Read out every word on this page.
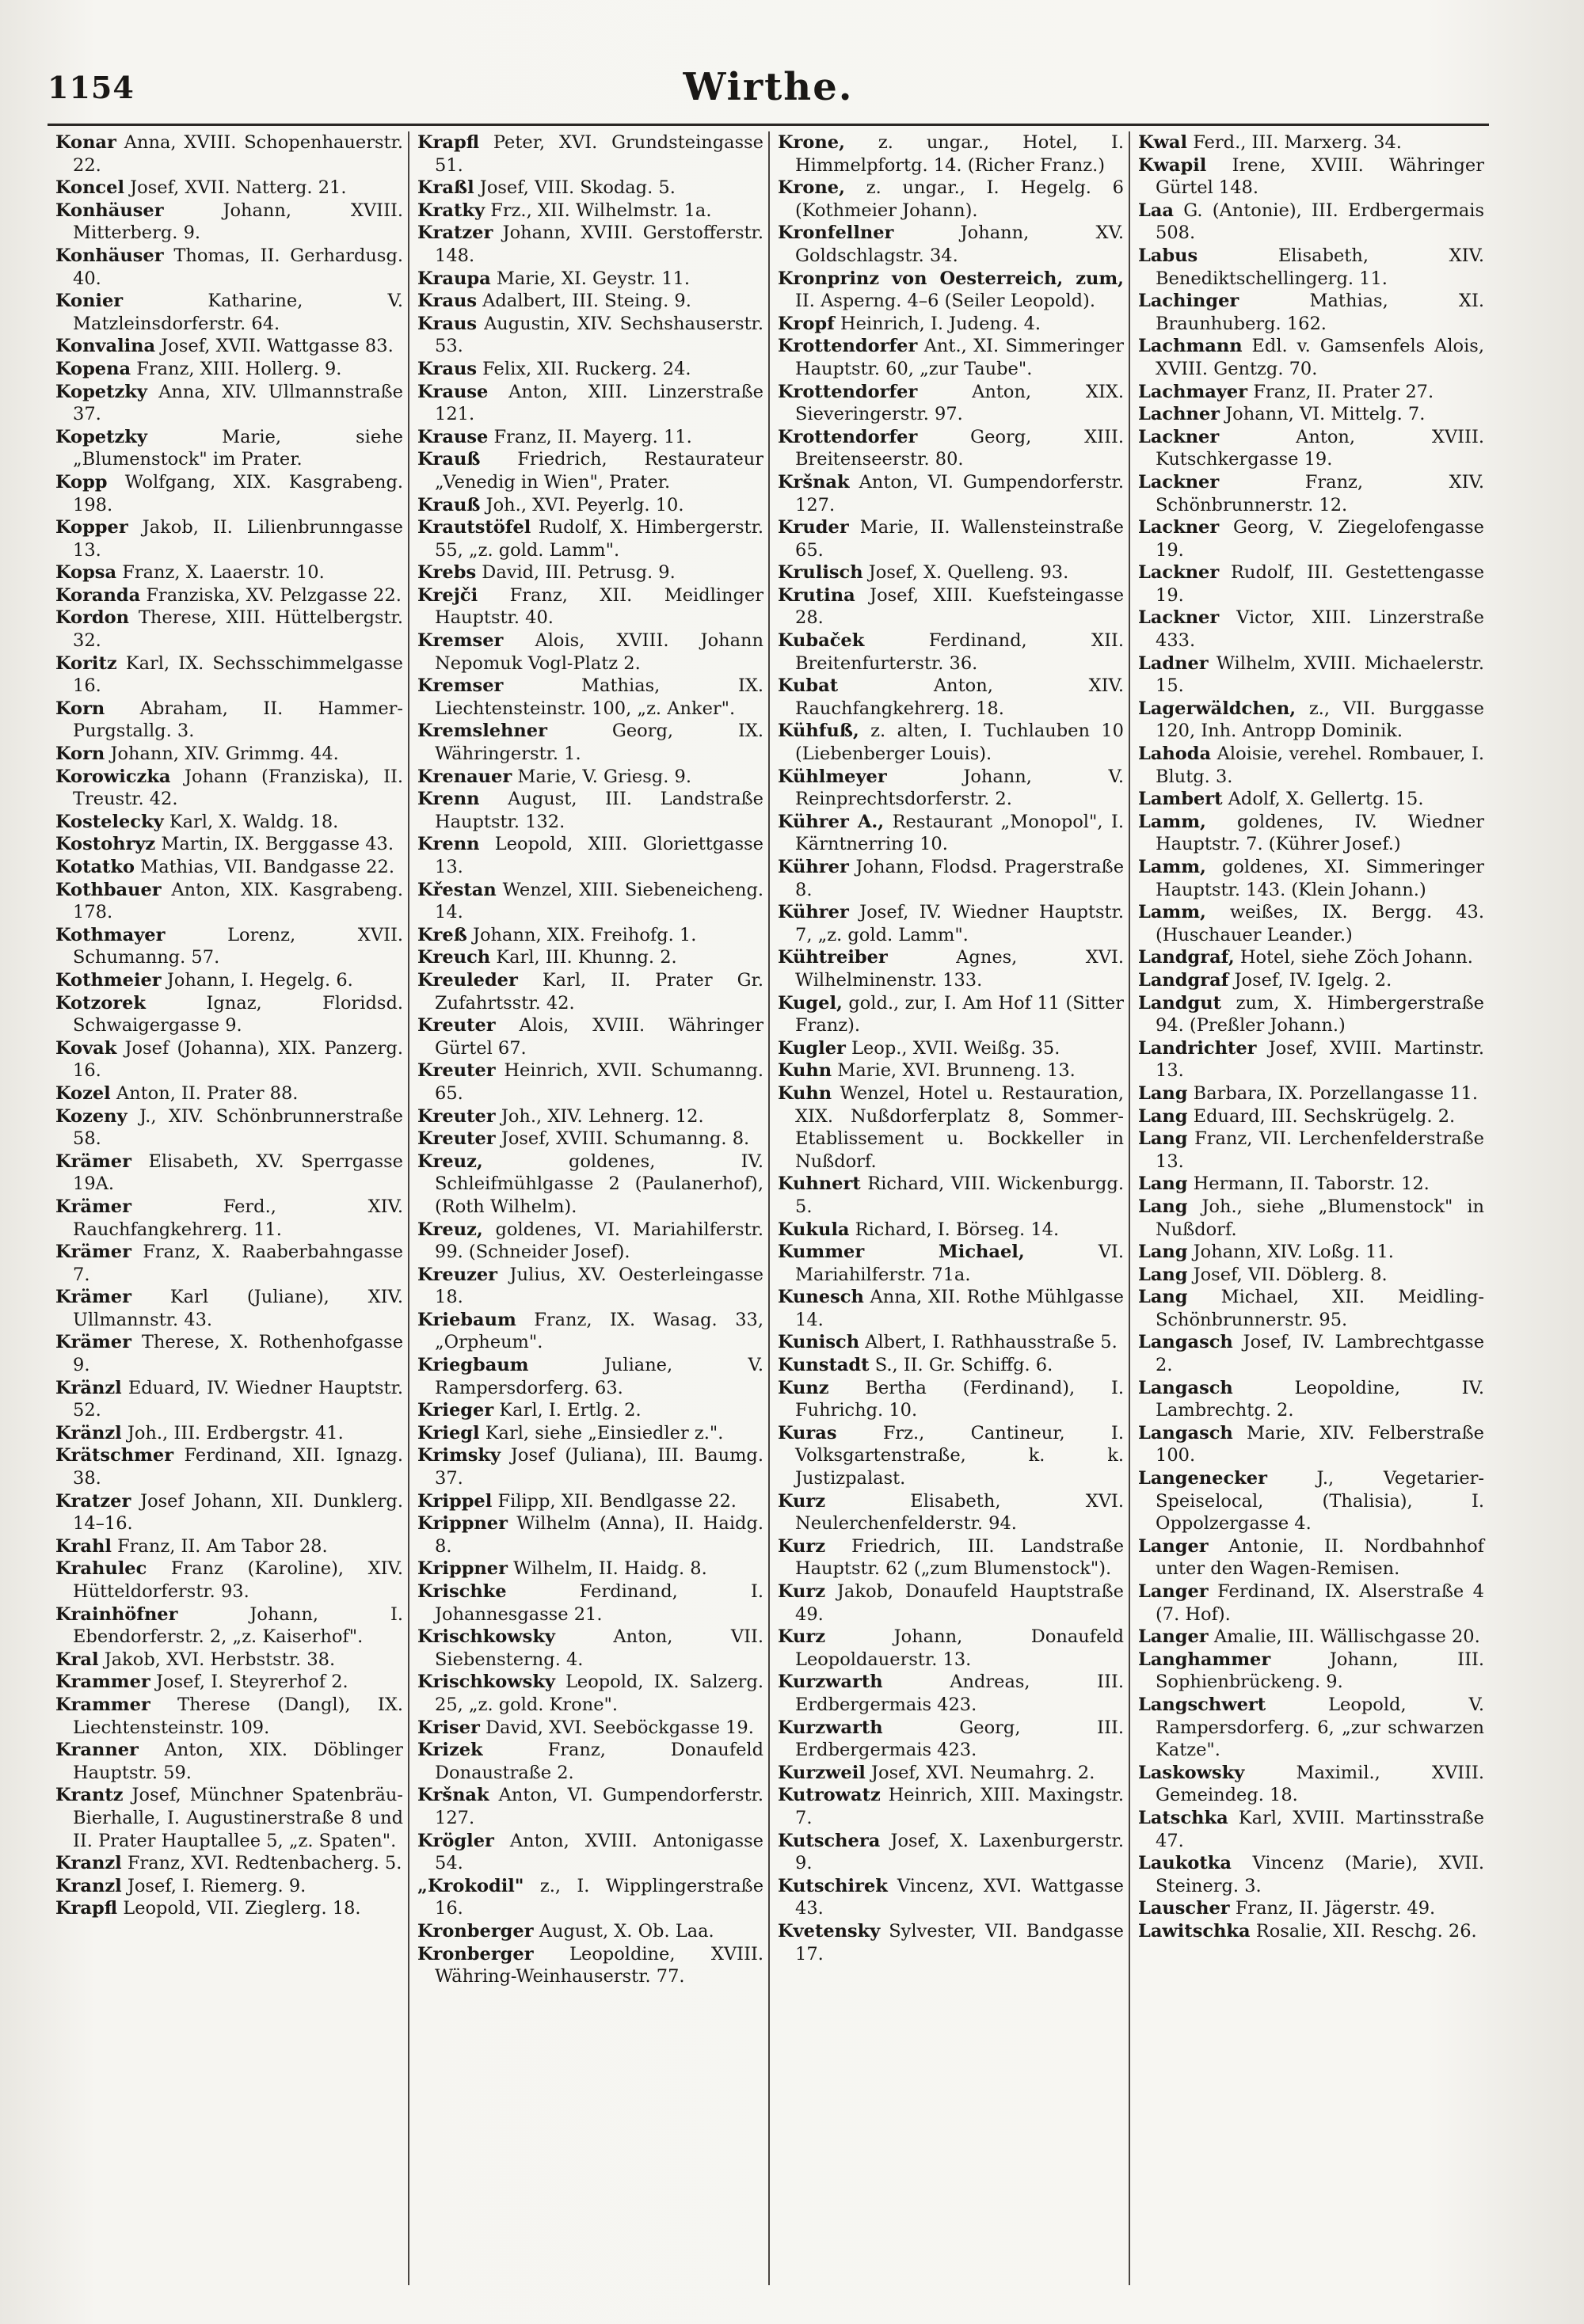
1154	Wirthe.

Konar Anna, XVIII. Schopenhauerstr. 22.

Koncel Josef, XVII. Natterg. 21.

Konhäuser	Johann, XVIII. Mitterberg. 9.

Konhäuser Thomas, II. Gerhardusg. 40.

Konier	Katharine, V. Matzleinsdorferstr. 64.

Konvalina Josef, XVII. Wattgasse 83.

Kopena Franz, XIII. Hollerg. 9.

Kopetzky Anna, XIV. Ullmannstraße 37.

Kopetzky	Marie, siehe „Blumenstock" im Prater.

Kopp Wolfgang, XIX. Kasgrabeng. 198.

Kopper Jakob, II. Lilienbrunngasse 13.

Kopsa Franz, X. Laaerstr. 10.

Koranda Franziska, XV. Pelzgasse 22.

Kordon Therese, XIII. Hüttelbergstr. 32.

Koritz Karl, IX. Sechsschimmelgasse 16.

Korn Abraham, II. Hammer-Purgstallg. 3.

Korn Johann, XIV. Grimmg. 44.

Korowiczka Johann (Franziska), II. Treustr. 42.

Kostelecky Karl, X. Waldg. 18.

Kostohryz Martin, IX. Berggasse 43.

Kotatko Mathias, VII. Bandgasse 22.

Kothbauer Anton, XIX. Kasgrabeng. 178.

Kothmayer	Lorenz, XVII. Schumanng. 57.

Kothmeier Johann, I. Hegelg. 6.

Kotzorek	Ignaz, Floridsd. Schwaigergasse 9.

Kovak Josef (Johanna), XIX. Panzerg. 16.

Kozel Anton, II. Prater 88.

Kozeny J., XIV. Schönbrunnerstraße 58.

Krämer Elisabeth, XV. Sperrgasse 19A.

Krämer	Ferd., XIV. Rauchfangkehrerg. 11.

Krämer Franz, X. Raaberbahngasse 7.

Krämer Karl (Juliane), XIV. Ullmannstr. 43.

Krämer Therese, X. Rothenhofgasse 9.

Kränzl Eduard, IV. Wiedner Hauptstr. 52.

Kränzl Joh., III. Erdbergstr. 41.

Krätschmer Ferdinand, XII. Ignazg. 38.

Kratzer Josef Johann, XII. Dunklerg. 14–16.

Krahl Franz, II. Am Tabor 28.

Krahulec Franz (Karoline), XIV. Hütteldorferstr. 93.

Krainhöfner	Johann, I. Ebendorferstr. 2, „z. Kaiserhof".

Kral Jakob, XVI. Herbststr. 38.

Krammer Josef, I. Steyrerhof 2.

Krammer Therese (Dangl), IX. Liechtensteinstr. 109.

Kranner Anton, XIX. Döblinger Hauptstr. 59.

Krantz Josef, Münchner Spatenbräu-Bierhalle, I. Augustinerstraße 8 und II. Prater Hauptallee 5, „z. Spaten".

Kranzl Franz, XVI. Redtenbacherg. 5.

Kranzl Josef, I. Riemerg. 9.

Krapfl Leopold, VII. Zieglerg. 18.

Krapfl Peter, XVI. Grundsteingasse 51.

Kraßl Josef, VIII. Skodag. 5.

Kratky Frz., XII. Wilhelmstr. 1a.

Kratzer Johann, XVIII. Gerstofferstr. 148.

Kraupa Marie, XI. Geystr. 11.

Kraus Adalbert, III. Steing. 9.

Kraus Augustin, XIV. Sechshauserstr. 53.

Kraus Felix, XII. Ruckerg. 24.

Krause Anton, XIII. Linzerstraße 121.

Krause Franz, II. Mayerg. 11.

Krauß Friedrich, Restaurateur „Venedig in Wien", Prater.

Krauß Joh., XVI. Peyerlg. 10.

Krautstöfel Rudolf, X. Himbergerstr. 55, „z. gold. Lamm".

Krebs David, III. Petrusg. 9.

Krejči Franz, XII. Meidlinger Hauptstr. 40.

Kremser Alois, XVIII. Johann Nepomuk Vogl-Platz 2.

Kremser	Mathias, IX. Liechtensteinstr. 100, „z. Anker".

Kremslehner	Georg, IX. Währingerstr. 1.

Krenauer Marie, V. Griesg. 9.

Krenn August, III. Landstraße Hauptstr. 132.

Krenn Leopold, XIII. Gloriettgasse 13.

Křestan Wenzel, XIII. Siebeneicheng. 14.

Kreß Johann, XIX. Freihofg. 1.

Kreuch Karl, III. Khunng. 2.

Kreuleder Karl, II. Prater Gr. Zufahrtsstr. 42.

Kreuter Alois, XVIII. Währinger Gürtel 67.

Kreuter Heinrich, XVII. Schumanng. 65.

Kreuter Joh., XIV. Lehnerg. 12.

Kreuter Josef, XVIII. Schumanng. 8.

Kreuz,	goldenes, IV. Schleifmühlgasse 2 (Paulanerhof), (Roth Wilhelm).

Kreuz, goldenes, VI. Mariahilferstr. 99. (Schneider Josef).

Kreuzer Julius, XV. Oesterleingasse 18.

Kriebaum Franz, IX. Wasag. 33, „Orpheum".

Kriegbaum	Juliane, V. Rampersdorferg. 63.

Krieger Karl, I. Ertlg. 2.

Kriegl Karl, siehe „Einsiedler z.".

Krimsky Josef (Juliana), III. Baumg. 37.

Krippel Filipp, XII. Bendlgasse 22.

Krippner Wilhelm (Anna), II. Haidg. 8.

Krippner Wilhelm, II. Haidg. 8.

Krischke	Ferdinand, I. Johannesgasse 21.

Krischkowsky	Anton, VII. Siebensterng. 4.

Krischkowsky Leopold, IX. Salzerg. 25, „z. gold. Krone".

Kriser David, XVI. Seeböckgasse 19.

Krizek	Franz, Donaufeld Donaustraße 2.

Kršnak Anton, VI. Gumpendorferstr. 127.

Krögler Anton, XVIII. Antonigasse 54.

„Krokodil" z., I. Wipplingerstraße 16.

Kronberger August, X. Ob. Laa.

Kronberger Leopoldine, XVIII. Währing-Weinhauserstr. 77.

Krone, z. ungar., Hotel, I. Himmelpfortg. 14. (Richer Franz.)

Krone, z. ungar., I. Hegelg. 6 (Kothmeier Johann).

Kronfellner	Johann, XV. Goldschlagstr. 34.

Kronprinz von Oesterreich, zum, II. Asperng. 4–6 (Seiler Leopold).

Kropf Heinrich, I. Judeng. 4.

Krottendorfer Ant., XI. Simmeringer Hauptstr. 60, „zur Taube".

Krottendorfer	Anton, XIX. Sieveringerstr. 97.

Krottendorfer	Georg, XIII. Breitenseerstr. 80.

Kršnak Anton, VI. Gumpendorferstr. 127.

Kruder Marie, II. Wallensteinstraße 65.

Krulisch Josef, X. Quelleng. 93.

Krutina Josef, XIII. Kuefsteingasse 28.

Kubaček	Ferdinand, XII. Breitenfurterstr. 36.

Kubat	Anton, XIV. Rauchfangkehrerg. 18.

Kühfuß, z. alten, I. Tuchlauben 10 (Liebenberger Louis).

Kühlmeyer	Johann, V. Reinprechtsdorferstr. 2.

Kührer A., Restaurant „Monopol", I. Kärntnerring 10.

Kührer Johann, Flodsd. Pragerstraße 8.

Kührer Josef, IV. Wiedner Hauptstr. 7, „z. gold. Lamm".

Kühtreiber	Agnes, XVI. Wilhelminenstr. 133.

Kugel, gold., zur, I. Am Hof 11 (Sitter Franz).

Kugler Leop., XVII. Weißg. 35.

Kuhn Marie, XVI. Brunneng. 13.

Kuhn Wenzel, Hotel u. Restauration, XIX. Nußdorferplatz 8, Sommer-Etablissement u. Bockkeller in Nußdorf.

Kuhnert Richard, VIII. Wickenburgg. 5.

Kukula Richard, I. Börseg. 14.

Kummer Michael,	VI. Mariahilferstr. 71a.

Kunesch Anna, XII. Rothe Mühlgasse 14.

Kunisch Albert, I. Rathhausstraße 5.

Kunstadt S., II. Gr. Schiffg. 6.

Kunz Bertha (Ferdinand), I. Fuhrichg. 10.

Kuras	Frz., Cantineur, I. Volksgartenstraße, k. k. Justizpalast.

Kurz	Elisabeth, XVI. Neulerchenfelderstr. 94.

Kurz Friedrich, III. Landstraße Hauptstr. 62 („zum Blumenstock").

Kurz Jakob, Donaufeld Hauptstraße 49.

Kurz	Johann, Donaufeld Leopoldauerstr. 13.

Kurzwarth	Andreas, III. Erdbergermais 423.

Kurzwarth	Georg, III. Erdbergermais 423.

Kurzweil Josef, XVI. Neumahrg. 2.

Kutrowatz Heinrich, XIII. Maxingstr. 7.

Kutschera Josef, X. Laxenburgerstr. 9.

Kutschirek Vincenz, XVI. Wattgasse 43.

Kvetensky Sylvester, VII. Bandgasse 17.

Kwal Ferd., III. Marxerg. 34.

Kwapil Irene, XVIII. Währinger Gürtel 148.

Laa G. (Antonie), III. Erdbergermais 508.

Labus	Elisabeth, XIV. Benediktschellingerg. 11.

Lachinger	Mathias, XI. Braunhuberg. 162.

Lachmann Edl. v. Gamsenfels Alois, XVIII. Gentzg. 70.

Lachmayer Franz, II. Prater 27.

Lachner Johann, VI. Mittelg. 7.

Lackner	Anton, XVIII. Kutschkergasse 19.

Lackner	Franz, XIV. Schönbrunnerstr. 12.

Lackner Georg, V. Ziegelofengasse 19.

Lackner Rudolf, III. Gestettengasse 19.

Lackner Victor, XIII. Linzerstraße 433.

Ladner Wilhelm, XVIII. Michaelerstr. 15.

Lagerwäldchen, z., VII. Burggasse 120, Inh. Antropp Dominik.

Lahoda Aloisie, verehel. Rombauer, I. Blutg. 3.

Lambert Adolf, X. Gellertg. 15.

Lamm, goldenes, IV. Wiedner Hauptstr. 7. (Kührer Josef.)

Lamm, goldenes, XI. Simmeringer Hauptstr. 143. (Klein Johann.)

Lamm, weißes, IX. Bergg. 43. (Huschauer Leander.)

Landgraf, Hotel, siehe Zöch Johann.

Landgraf Josef, IV. Igelg. 2.

Landgut zum, X. Himbergerstraße 94. (Preßler Johann.)

Landrichter Josef, XVIII. Martinstr. 13.

Lang Barbara, IX. Porzellangasse 11.

Lang Eduard, III. Sechskrügelg. 2.

Lang Franz, VII. Lerchenfelderstraße 13.

Lang Hermann, II. Taborstr. 12.

Lang Joh., siehe „Blumenstock" in Nußdorf.

Lang Johann, XIV. Loßg. 11.

Lang Josef, VII. Döblerg. 8.

Lang Michael, XII. Meidling-Schönbrunnerstr. 95.

Langasch Josef, IV. Lambrechtgasse 2.

Langasch	Leopoldine, IV. Lambrechtg. 2.

Langasch Marie, XIV. Felberstraße 100.

Langenecker	J., Vegetarier-Speiselocal, (Thalisia), I. Oppolzergasse 4.

Langer Antonie, II. Nordbahnhof unter den Wagen-Remisen.

Langer Ferdinand, IX. Alserstraße 4 (7. Hof).

Langer Amalie, III. Wällischgasse 20.

Langhammer	Johann, III. Sophienbrückeng. 9.

Langschwert	Leopold, V. Rampersdorferg. 6, „zur schwarzen Katze".

Laskowsky	Maximil., XVIII. Gemeindeg. 18.

Latschka Karl, XVIII. Martinsstraße 47.

Laukotka Vincenz (Marie), XVII. Steinerg. 3.

Lauscher Franz, II. Jägerstr. 49.

Lawitschka Rosalie, XII. Reschg. 26.
